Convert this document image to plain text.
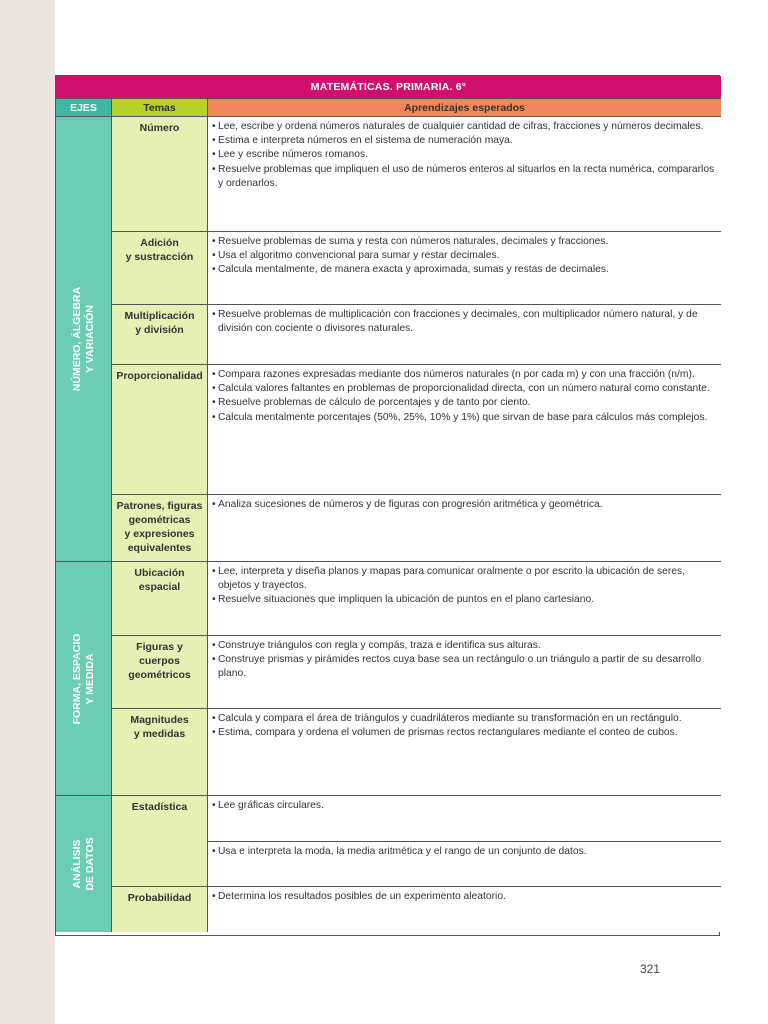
MATEMÁTICAS. PRIMARIA. 6°
EJES	Temas	Aprendizajes esperados
NÚMERO, ÁLGEBRA Y VARIACIÓN
FORMA, ESPACIO Y MEDIDA
ANÁLISIS DE DATOS
Número
Adición
y sustracción
Multiplicación
y división
Proporcionalidad
Patrones, figuras
geométricas
y expresiones
equivalentes
Ubicación
espacial
Figuras y cuerpos
geométricos
Magnitudes
y medidas
Estadística
Probabilidad
• Lee, escribe y ordena números naturales de cualquier cantidad de cifras, fracciones y números decimales.
• Estima e interpreta números en el sistema de numeración maya.
• Lee y escribe números romanos.
• Resuelve problemas que impliquen el uso de números enteros al situarlos en la recta numérica, compararlos y ordenarlos.
• Resuelve problemas de suma y resta con números naturales, decimales y fracciones.
• Usa el algoritmo convencional para sumar y restar decimales.
• Calcula mentalmente, de manera exacta y aproximada, sumas y restas de decimales.
• Resuelve problemas de multiplicación con fracciones y decimales, con multiplicador número natural, y de división con cociente o divisores naturales.
• Compara razones expresadas mediante dos números naturales (n por cada m) y con una fracción (n/m).
• Calcula valores faltantes en problemas de proporcionalidad directa, con un número natural como constante.
• Resuelve problemas de cálculo de porcentajes y de tanto por ciento.
• Calcula mentalmente porcentajes (50%, 25%, 10% y 1%) que sirvan de base para cálculos más complejos.
• Analiza sucesiones de números y de figuras con progresión aritmética y geométrica.
• Lee, interpreta y diseña planos y mapas para comunicar oralmente o por escrito la ubicación de seres, objetos y trayectos.
• Resuelve situaciones que impliquen la ubicación de puntos en el plano cartesiano.
• Construye triángulos con regla y compás, traza e identifica sus alturas.
• Construye prismas y pirámides rectos cuya base sea un rectángulo o un triángulo a partir de su desarrollo plano.
• Calcula y compara el área de triángulos y cuadriláteros mediante su transformación en un rectángulo.
• Estima, compara y ordena el volumen de prismas rectos rectangulares mediante el conteo de cubos.
• Lee gráficas circulares.
• Usa e interpreta la moda, la media aritmética y el rango de un conjunto de datos.
• Determina los resultados posibles de un experimento aleatorio.
321
